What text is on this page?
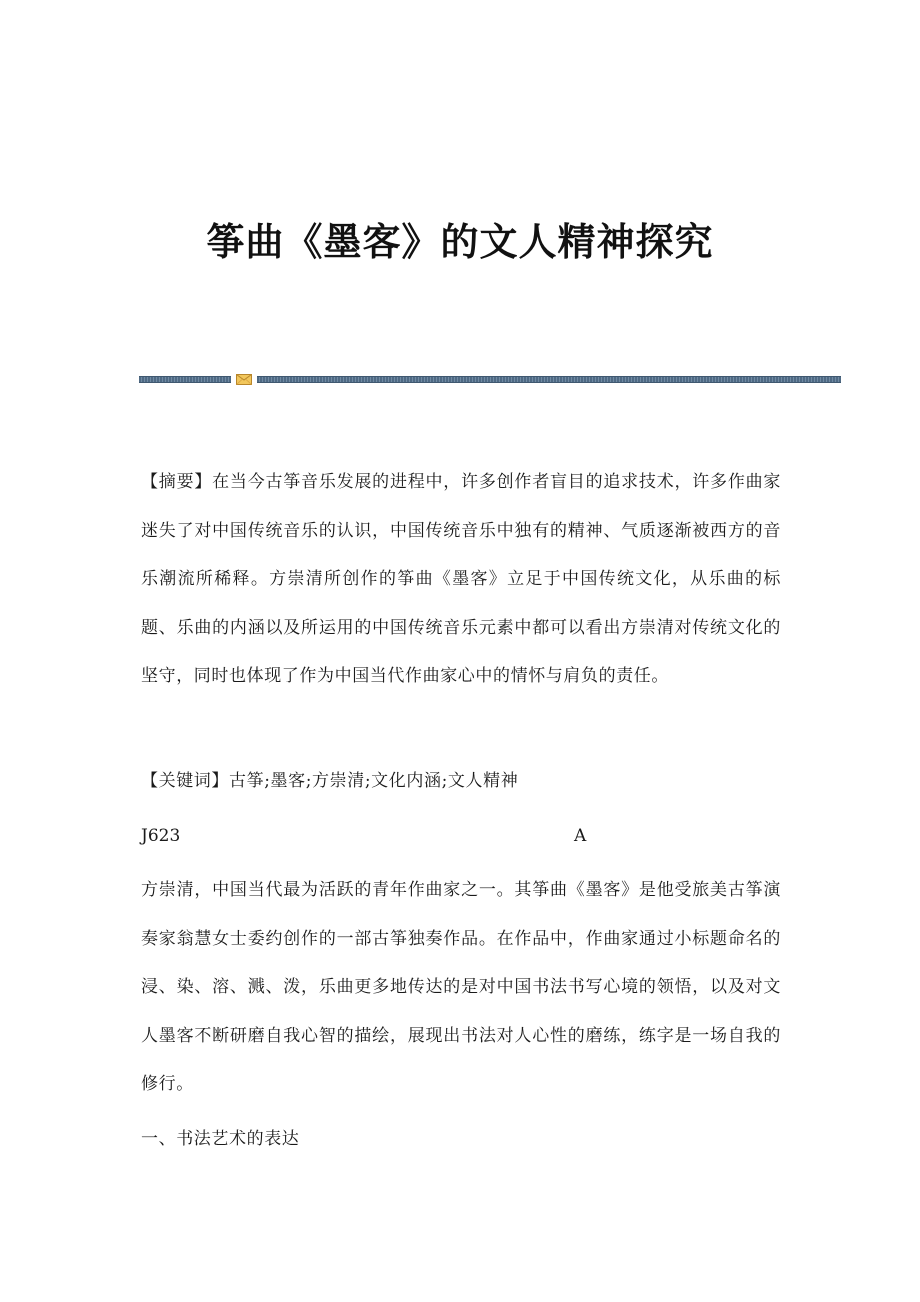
筝曲《墨客》的文人精神探究
【摘要】在当今古筝音乐发展的进程中，许多创作者盲目的追求技术，许多作曲家迷失了对中国传统音乐的认识，中国传统音乐中独有的精神、气质逐渐被西方的音乐潮流所稀释。方崇清所创作的筝曲《墨客》立足于中国传统文化，从乐曲的标题、乐曲的内涵以及所运用的中国传统音乐元素中都可以看出方崇清对传统文化的坚守，同时也体现了作为中国当代作曲家心中的情怀与肩负的责任。
【关键词】古筝;墨客;方崇清;文化内涵;文人精神
J623	A
方崇清，中国当代最为活跃的青年作曲家之一。其筝曲《墨客》是他受旅美古筝演奏家翁慧女士委约创作的一部古筝独奏作品。在作品中，作曲家通过小标题命名的浸、染、溶、溅、泼，乐曲更多地传达的是对中国书法书写心境的领悟，以及对文人墨客不断研磨自我心智的描绘，展现出书法对人心性的磨练，练字是一场自我的修行。
一、书法艺术的表达
